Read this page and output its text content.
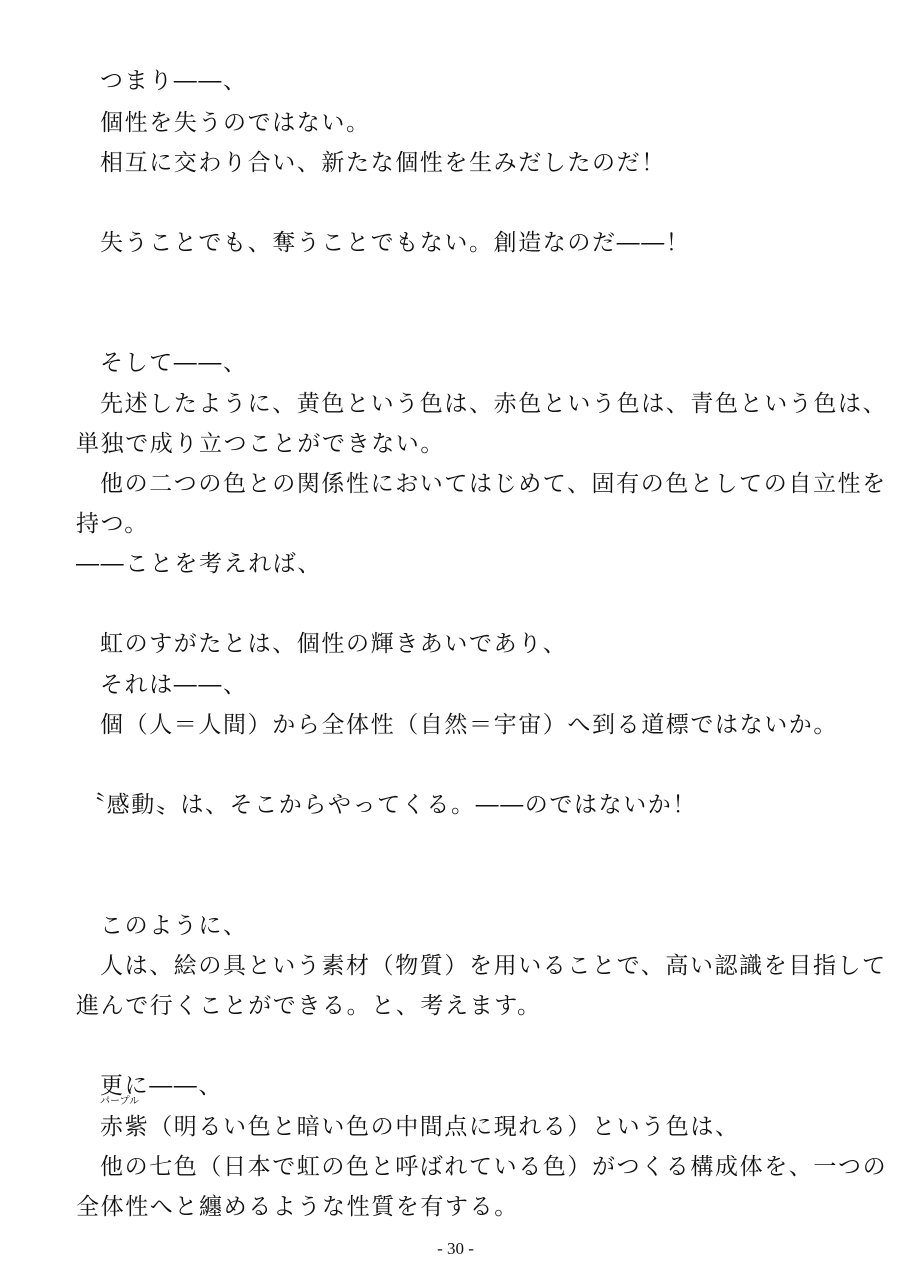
つまり――、
個性を失うのではない。
相互に交わり合い、新たな個性を生みだしたのだ！
失うことでも、奪うことでもない。創造なのだ――！
そして――、
先述したように、黄色という色は、赤色という色は、青色という色は、
単独で成り立つことができない。
他の二つの色との関係性においてはじめて、固有の色としての自立性を
持つ。
――ことを考えれば、
虹のすがたとは、個性の輝きあいであり、
それは――、
個（人＝人間）から全体性（自然＝宇宙）へ到る道標ではないか。
〝感動〟は、そこからやってくる。――のではないか！
このように、
人は、絵の具という素材（物質）を用いることで、高い認識を目指して
進んで行くことができる。と、考えます。
更に――、
パープル
赤紫（明るい色と暗い色の中間点に現れる）という色は、
他の七色（日本で虹の色と呼ばれている色）がつくる構成体を、一つの
全体性へと纏めるような性質を有する。
- 30 -
